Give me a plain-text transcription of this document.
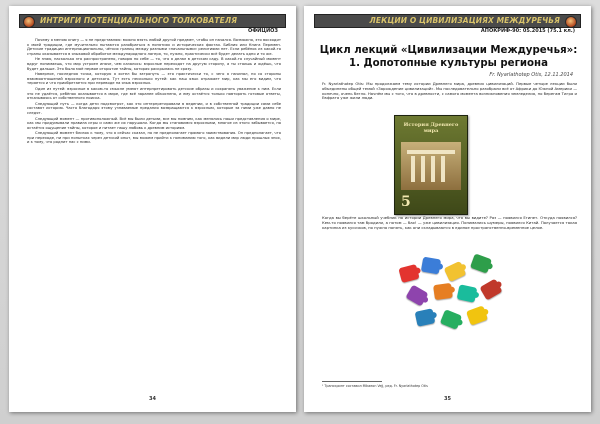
ИНТРИГИ ПОТЕНЦИАЛЬНОГО ТОЛКОВАТЕЛЯ
ОФИЦИОЗ

Почему я меняю книгу — я не представляю: можно взять любой другой предмет, чтобы он начался. Возможно, это восходит к моей традиции, где мучительно пытаются разобраться в понятиях и исторических фактах. Библия или Книга Перемен. Детские традиции интернациональны, чётких границ между разными «начальными» религиями нет. Если ребёнок из какой-то страны оказывается в языковой обработке международного лагеря, то, нужно, практически всё будет делать одно и то же.

Не знаю, насколько это распространено, говорю по себе — то, что я делал в детском саду. В какой-то случайный момент вдруг понимаешь, что мир устроен иначе, чем казалось: взрослые переходят на другую сторону, а ты стоишь и ждёшь, что будет дальше. Это было моё первое открытие тайны, которая раскрылась не сразу.

Наверное, последняя точка, которую я хотел бы затронуть — это практически то, с чего я начинал, но со стороны взаимоотношений взрослого и детского. Тут есть несколько путей: как наш язык отражает мир, как мы его видим, что теряется и что приобретается при переводе на язык взрослых.

Один из путей: взрослые в каком-то смысле умеют интерпретировать детские образы и сохранять уважение к ним. Если это не удаётся, ребёнок оказывается в мире, где всё заранее объяснено, и ему остаётся только повторять готовые ответы, отказываясь от собственного поиска.

Следующий путь — когда дети подсмотрят, как это интерпретировали в ведении, и в собственной традиции сами себе составят историю. Часто благодаря этому узнаваемые предания возвращаются к взрослым, которые за ними уже давно не следят.

Следующий момент — противоположный. Всё мы были детьми, все мы помним, как менялись наши представления о мире, как мы придумывали правила игры и сами же их нарушали. Когда мы становимся взрослыми, многое из этого забывается, но остаётся ощущение тайны, которое и питает нашу любовь к древним историям.

Следующий момент близок к тому, что я сейчас сказал, но не предполагает прямого заимствования. Он предполагает, что при переходе, ни при попытках через детский опыт, мы можем прийти к пониманию того, как видели мир люди прошлых эпох, и к тому, что роднит нас с ними.

34
ЛЕКЦИИ О ЦИВИЛИЗАЦИЯХ МЕЖДУРЕЧЬЯ
АПОКРИФ-90: 05.2015 (75.1 кл.)
Цикл лекций «Цивилизации Междуречья»:
1. Допотопные культуры региона
Fr. Nyarlathotep Otis, 12.11.2014
Fr. Nyarlathotep Otis: Мы продолжаем тему истории Древнего мира, древних цивилизаций. Первые четыре лекции были объединены общей темой «Зарождение цивилизаций». Мы последовательно разобрали всё от Африки до Южной Америки — конечно, очень бегло. Начнём мы с того, что в древности, с самого момента возникновения земледелия, по берегам Тигра и Евфрата уже жили люди.
История Древнего мира
5
Когда вы берёте школьный учебник по истории Древнего мира, что вы видите? Раз — появился Египет. Откуда появился? Кем-то появился там бродили, а потом — бах! — уже цивилизация. Понимались шумеры, появился Китай. Получается такая картинка из кусочков, но нужно понять, как они складываются в единое пространственно-временное целое.
¹ Транскрипт составил Mikaeon Vejj, ред. Fr. Nyarlathotep Otis
35
